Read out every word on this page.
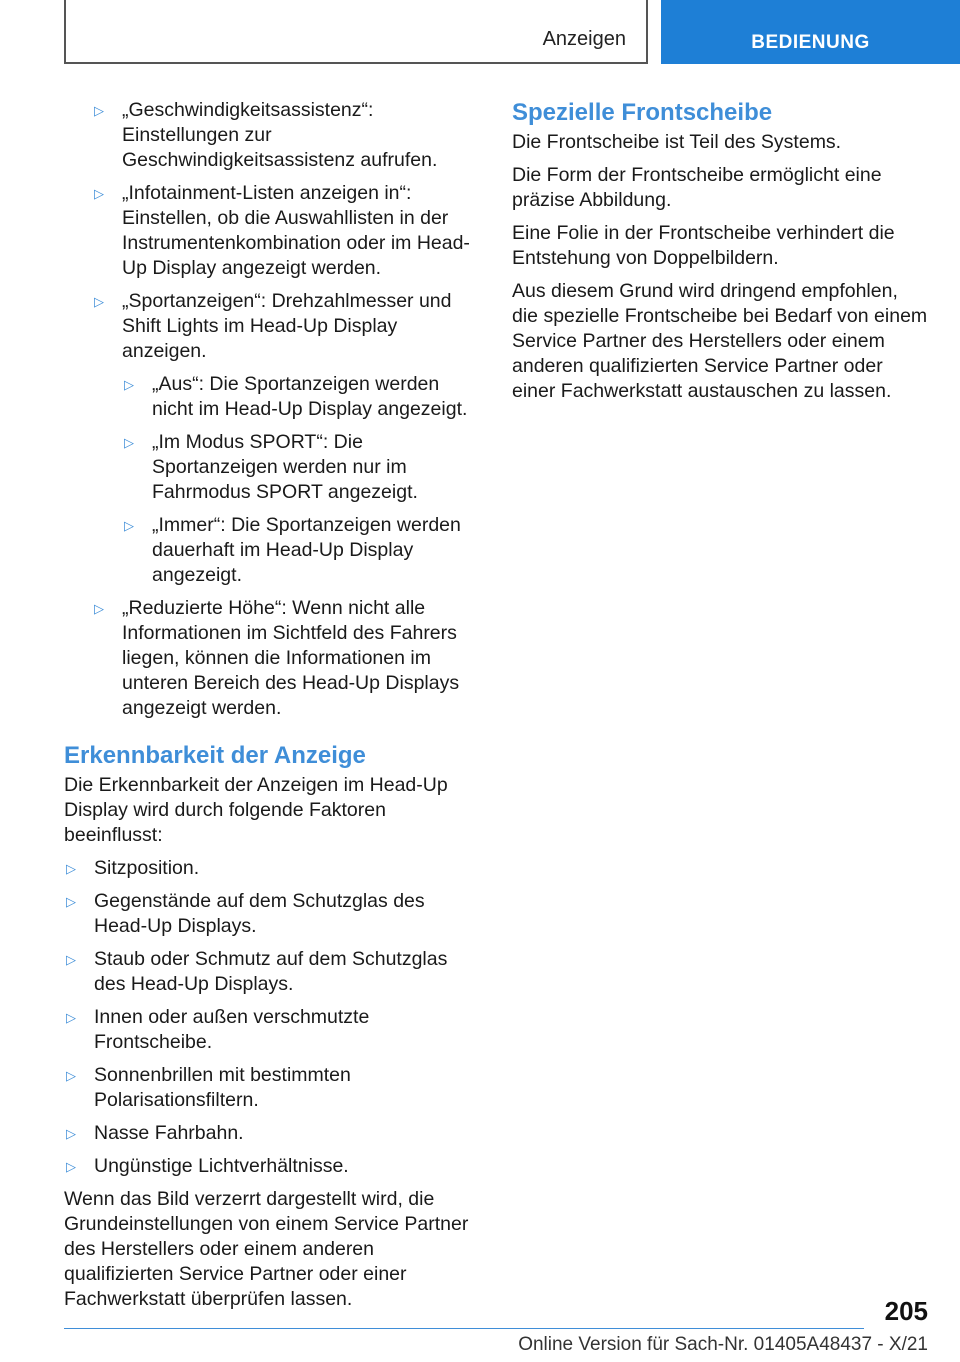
Anzeigen	BEDIENUNG
▷ „Geschwindigkeitsassistenz“: Einstellungen zur Geschwindigkeitsassistenz aufrufen.
▷ „Infotainment-Listen anzeigen in“: Einstellen, ob die Auswahllisten in der Instrumentenkombination oder im Head-Up Display angezeigt werden.
▷ „Sportanzeigen“: Drehzahlmesser und Shift Lights im Head-Up Display anzeigen.
▷ „Aus“: Die Sportanzeigen werden nicht im Head-Up Display angezeigt.
▷ „Im Modus SPORT“: Die Sportanzeigen werden nur im Fahrmodus SPORT angezeigt.
▷ „Immer“: Die Sportanzeigen werden dauerhaft im Head-Up Display angezeigt.
▷ „Reduzierte Höhe“: Wenn nicht alle Informationen im Sichtfeld des Fahrers liegen, können die Informationen im unteren Bereich des Head-Up Displays angezeigt werden.
Erkennbarkeit der Anzeige

Die Erkennbarkeit der Anzeigen im Head-Up Display wird durch folgende Faktoren beeinflusst:

▷ Sitzposition.
▷ Gegenstände auf dem Schutzglas des Head-Up Displays.
▷ Staub oder Schmutz auf dem Schutzglas des Head-Up Displays.
▷ Innen oder außen verschmutzte Frontscheibe.
▷ Sonnenbrillen mit bestimmten Polarisationsfiltern.
▷ Nasse Fahrbahn.
▷ Ungünstige Lichtverhältnisse.

Wenn das Bild verzerrt dargestellt wird, die Grundeinstellungen von einem Service Partner des Herstellers oder einem anderen qualifizierten Service Partner oder einer Fachwerkstatt überprüfen lassen.

Spezielle Frontscheibe

Die Frontscheibe ist Teil des Systems.

Die Form der Frontscheibe ermöglicht eine präzise Abbildung.

Eine Folie in der Frontscheibe verhindert die Entstehung von Doppelbildern.

Aus diesem Grund wird dringend empfohlen, die spezielle Frontscheibe bei Bedarf von einem Service Partner des Herstellers oder einem anderen qualifizierten Service Partner oder einer Fachwerkstatt austauschen zu lassen.

205
Online Version für Sach-Nr. 01405A48437 - X/21
